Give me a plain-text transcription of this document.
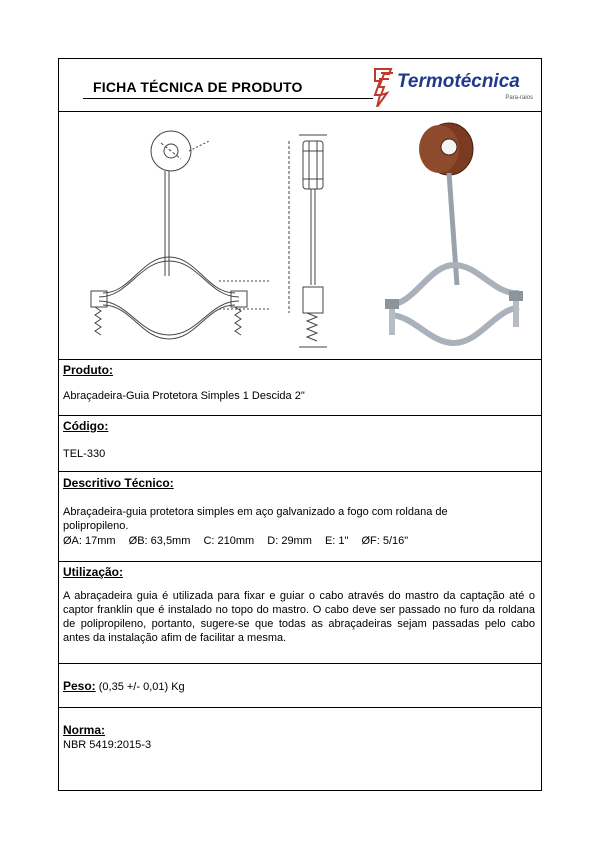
FICHA TÉCNICA DE PRODUTO	Termotécnica
Para-raios
Produto:
Abraçadeira-Guia Protetora Simples 1 Descida 2"
Código:
TEL-330
Descritivo Técnico:
Abraçadeira-guia protetora simples em aço galvanizado a fogo com roldana de
polipropileno.
ØA: 17mm ØB: 63,5mm C: 210mm D: 29mm E: 1" ØF: 5/16"
Utilização:
A abraçadeira guia é utilizada para fixar e guiar o cabo através do mastro da captação até o captor franklin que é instalado no topo do mastro. O cabo deve ser passado no furo da roldana de polipropileno, portanto, sugere-se que todas as abraçadeiras sejam passadas pelo cabo antes da instalação afim de facilitar a mesma.
Peso: (0,35 +/- 0,01) Kg
Norma:
NBR 5419:2015-3
